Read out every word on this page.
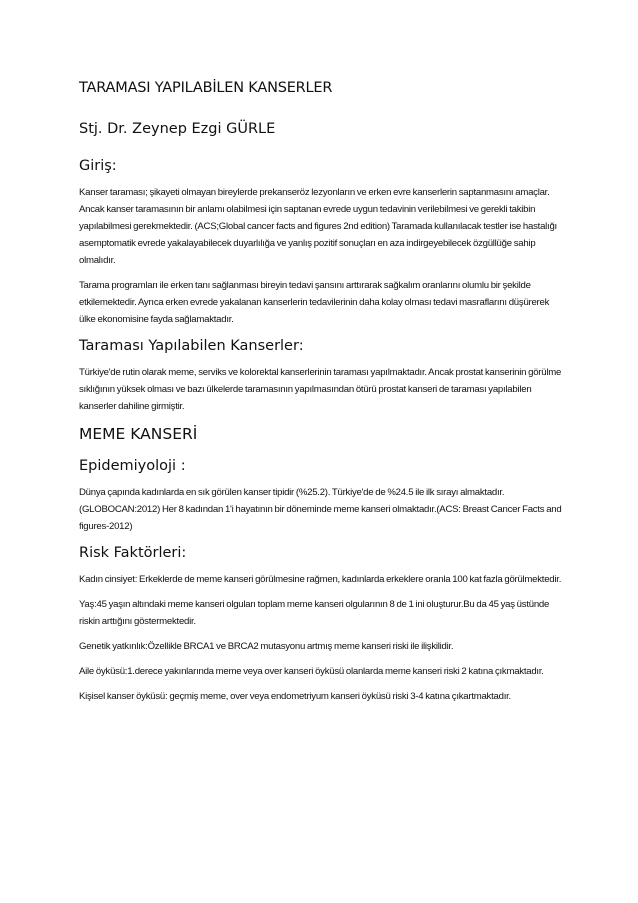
TARAMASI YAPILABİLEN KANSERLER
Stj. Dr. Zeynep Ezgi GÜRLE
Giriş:

Kanser taraması; şikayeti olmayan bireylerde prekanseröz lezyonların ve erken evre kanserlerin saptanmasını amaçlar. Ancak kanser taramasının bir anlamı olabilmesi için saptanan evrede uygun tedavinin verilebilmesi ve gerekli takibin yapılabilmesi gerekmektedir. (ACS;Global cancer facts and figures 2nd edition) Taramada kullanılacak testler ise hastalığı asemptomatik evrede yakalayabilecek duyarlılığa ve yanlış pozitif sonuçları en aza indirgeyebilecek özgüllüğe sahip olmalıdır.

Tarama programları ile erken tanı sağlanması bireyin tedavi şansını arttırarak sağkalım oranlarını olumlu bir şekilde etkilemektedir. Ayrıca erken evrede yakalanan kanserlerin tedavilerinin daha kolay olması tedavi masraflarını düşürerek ülke ekonomisine fayda sağlamaktadır.

Taraması Yapılabilen Kanserler:

Türkiye'de rutin olarak meme, serviks ve kolorektal kanserlerinin taraması yapılmaktadır. Ancak prostat kanserinin görülme sıklığının yüksek olması ve bazı ülkelerde taramasının yapılmasından ötürü prostat kanseri de taraması yapılabilen kanserler dahiline girmiştir.

MEME KANSERİ
Epidemiyoloji :

Dünya çapında kadınlarda en sık görülen kanser tipidir (%25.2). Türkiye'de de %24.5 ile ilk sırayı almaktadır. (GLOBOCAN:2012) Her 8 kadından 1'i hayatının bir döneminde meme kanseri olmaktadır.(ACS: Breast Cancer Facts and figures-2012)

Risk Faktörleri:

Kadın cinsiyet: Erkeklerde de meme kanseri görülmesine rağmen, kadınlarda erkeklere oranla 100 kat fazla görülmektedir.

Yaş:45 yaşın altındaki meme kanseri olguları toplam meme kanseri olgularının 8 de 1 ini oluşturur.Bu da 45 yaş üstünde riskin arttığını göstermektedir.

Genetik yatkınlık:Özellikle BRCA1 ve BRCA2 mutasyonu artmış meme kanseri riski ile ilişkilidir.

Aile öyküsü:1.derece yakınlarında meme veya over kanseri öyküsü olanlarda meme kanseri riski 2 katına çıkmaktadır.

Kişisel kanser öyküsü: geçmiş meme, over veya endometriyum kanseri öyküsü riski 3-4 katına çıkartmaktadır.
